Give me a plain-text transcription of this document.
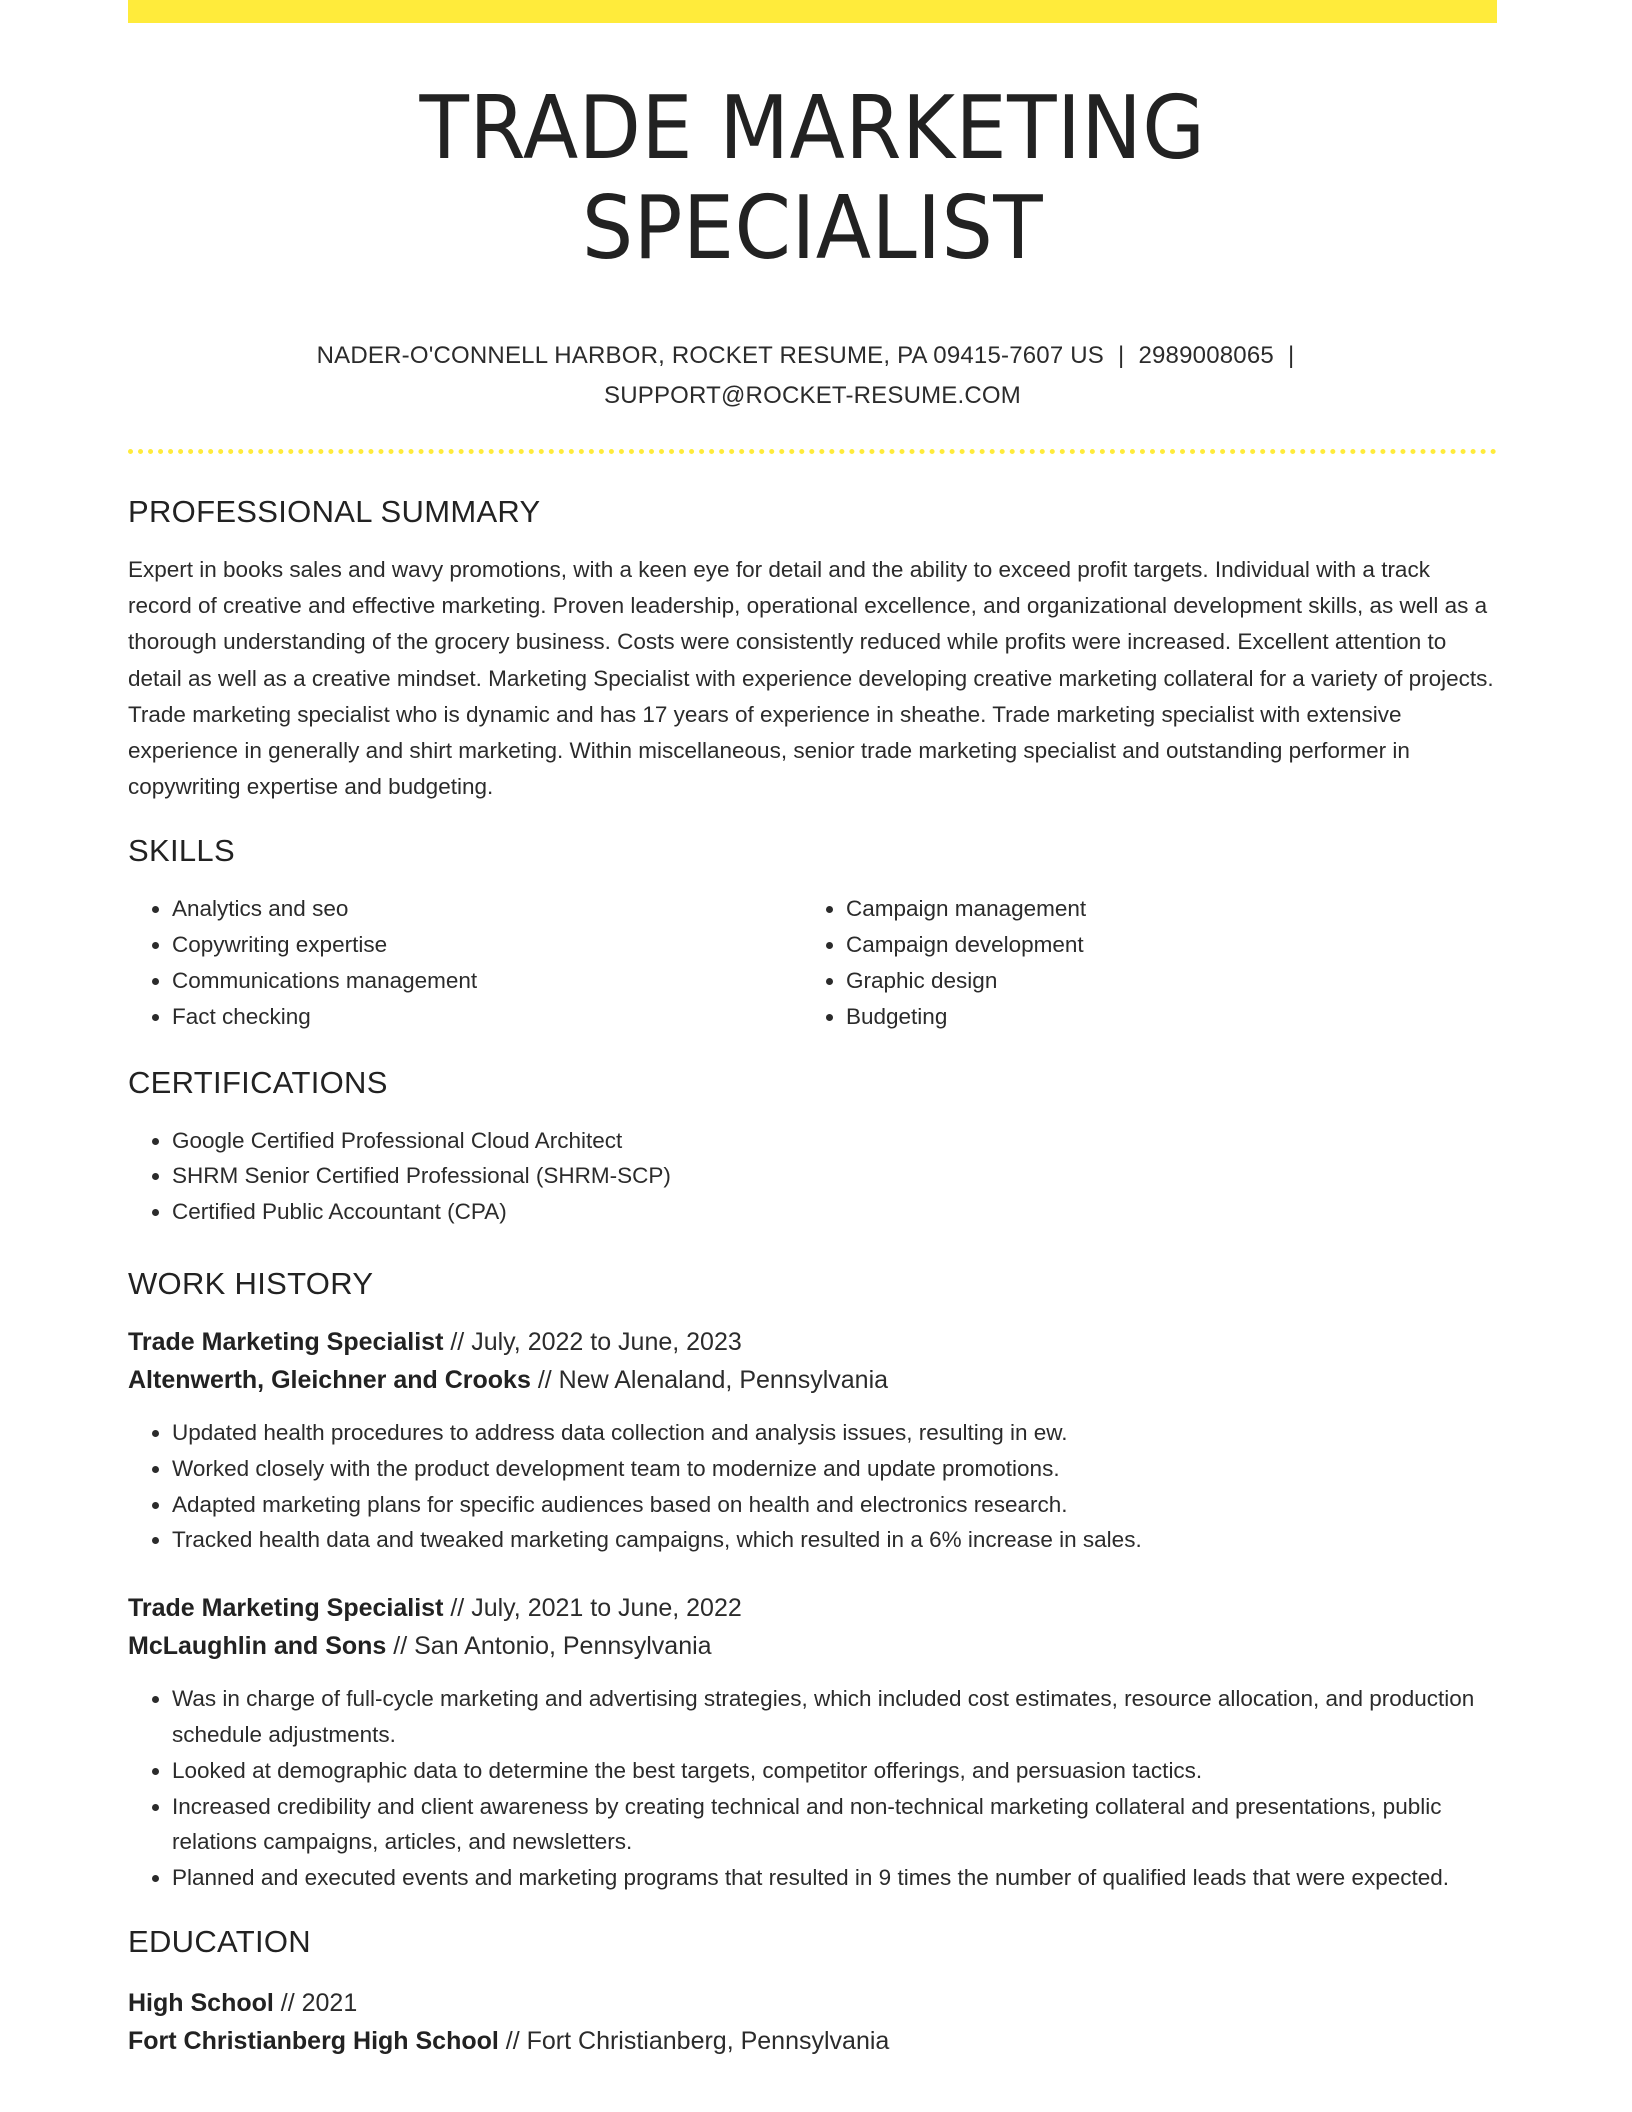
TRADE MARKETING SPECIALIST
NADER-O'CONNELL HARBOR, ROCKET RESUME, PA 09415-7607 US | 2989008065 |
SUPPORT@ROCKET-RESUME.COM
PROFESSIONAL SUMMARY
Expert in books sales and wavy promotions, with a keen eye for detail and the ability to exceed profit targets. Individual with a track record of creative and effective marketing. Proven leadership, operational excellence, and organizational development skills, as well as a thorough understanding of the grocery business. Costs were consistently reduced while profits were increased. Excellent attention to detail as well as a creative mindset. Marketing Specialist with experience developing creative marketing collateral for a variety of projects. Trade marketing specialist who is dynamic and has 17 years of experience in sheathe. Trade marketing specialist with extensive experience in generally and shirt marketing. Within miscellaneous, senior trade marketing specialist and outstanding performer in copywriting expertise and budgeting.
SKILLS
• Analytics and seo
• Copywriting expertise
• Communications management
• Fact checking
• Campaign management
• Campaign development
• Graphic design
• Budgeting
CERTIFICATIONS
• Google Certified Professional Cloud Architect
• SHRM Senior Certified Professional (SHRM-SCP)
• Certified Public Accountant (CPA)
WORK HISTORY
Trade Marketing Specialist // July, 2022 to June, 2023
Altenwerth, Gleichner and Crooks // New Alenaland, Pennsylvania
• Updated health procedures to address data collection and analysis issues, resulting in ew.
• Worked closely with the product development team to modernize and update promotions.
• Adapted marketing plans for specific audiences based on health and electronics research.
• Tracked health data and tweaked marketing campaigns, which resulted in a 6% increase in sales.
Trade Marketing Specialist // July, 2021 to June, 2022
McLaughlin and Sons // San Antonio, Pennsylvania
• Was in charge of full-cycle marketing and advertising strategies, which included cost estimates, resource allocation, and production schedule adjustments.
• Looked at demographic data to determine the best targets, competitor offerings, and persuasion tactics.
• Increased credibility and client awareness by creating technical and non-technical marketing collateral and presentations, public relations campaigns, articles, and newsletters.
• Planned and executed events and marketing programs that resulted in 9 times the number of qualified leads that were expected.
EDUCATION
High School // 2021
Fort Christianberg High School // Fort Christianberg, Pennsylvania
